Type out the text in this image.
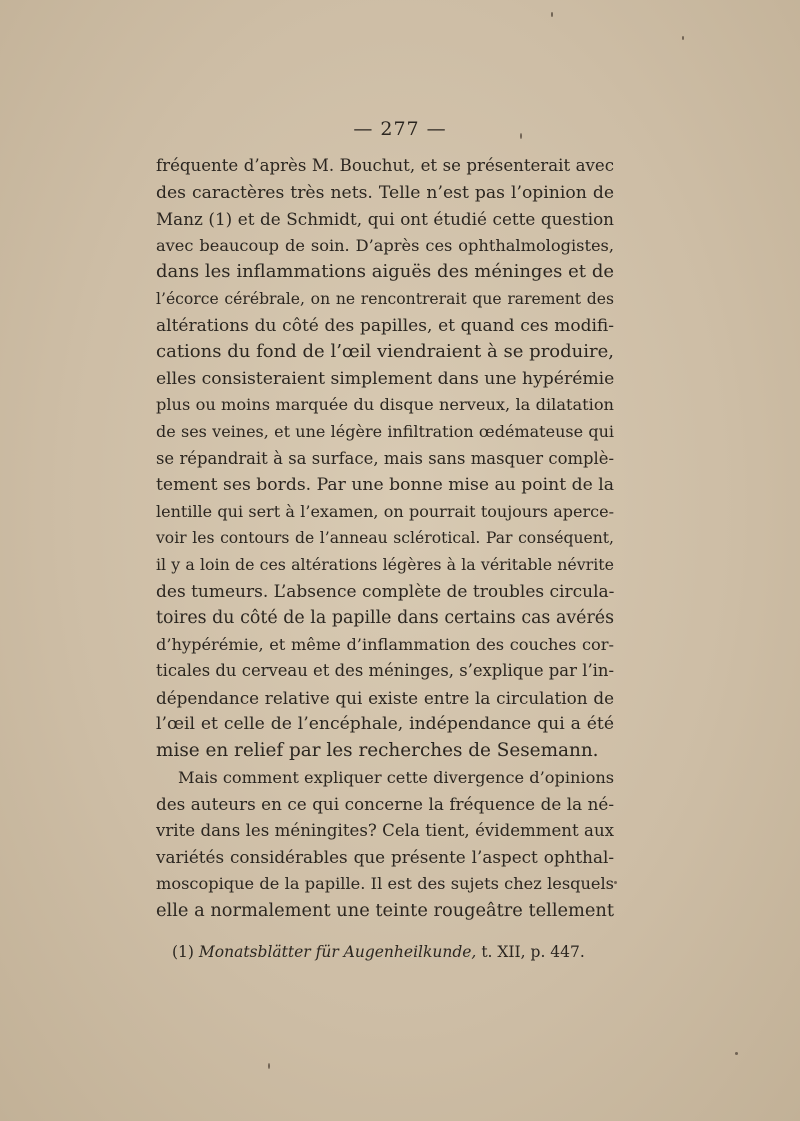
— 277 —
fréquente d’après M. Bouchut, et se présenterait avec
des caractères très nets. Telle n’est pas l’opinion de
Manz (1) et de Schmidt, qui ont étudié cette question
avec beaucoup de soin. D’après ces ophthalmologistes,
dans les inflammations aiguës des méninges et de
l’écorce cérébrale, on ne rencontrerait que rarement des
altérations du côté des papilles, et quand ces modifi-
cations du fond de l’œil viendraient à se produire,
elles consisteraient simplement dans une hypérémie
plus ou moins marquée du disque nerveux, la dilatation
de ses veines, et une légère infiltration œdémateuse qui
se répandrait à sa surface, mais sans masquer complè-
tement ses bords. Par une bonne mise au point de la
lentille qui sert à l’examen, on pourrait toujours aperce-
voir les contours de l’anneau sclérotical. Par conséquent,
il y a loin de ces altérations légères à la véritable névrite
des tumeurs. L’absence complète de troubles circula-
toires du côté de la papille dans certains cas avérés
d’hypérémie, et même d’inflammation des couches cor-
ticales du cerveau et des méninges, s’explique par l’in-
dépendance relative qui existe entre la circulation de
l’œil et celle de l’encéphale, indépendance qui a été
mise en relief par les recherches de Sesemann.
Mais comment expliquer cette divergence d’opinions
des auteurs en ce qui concerne la fréquence de la né-
vrite dans les méningites? Cela tient, évidemment aux
variétés considérables que présente l’aspect ophthal-
moscopique de la papille. Il est des sujets chez lesquels
elle a normalement une teinte rougeâtre tellement
(1) Monatsblätter für Augenheilkunde, t. XII, p. 447.
